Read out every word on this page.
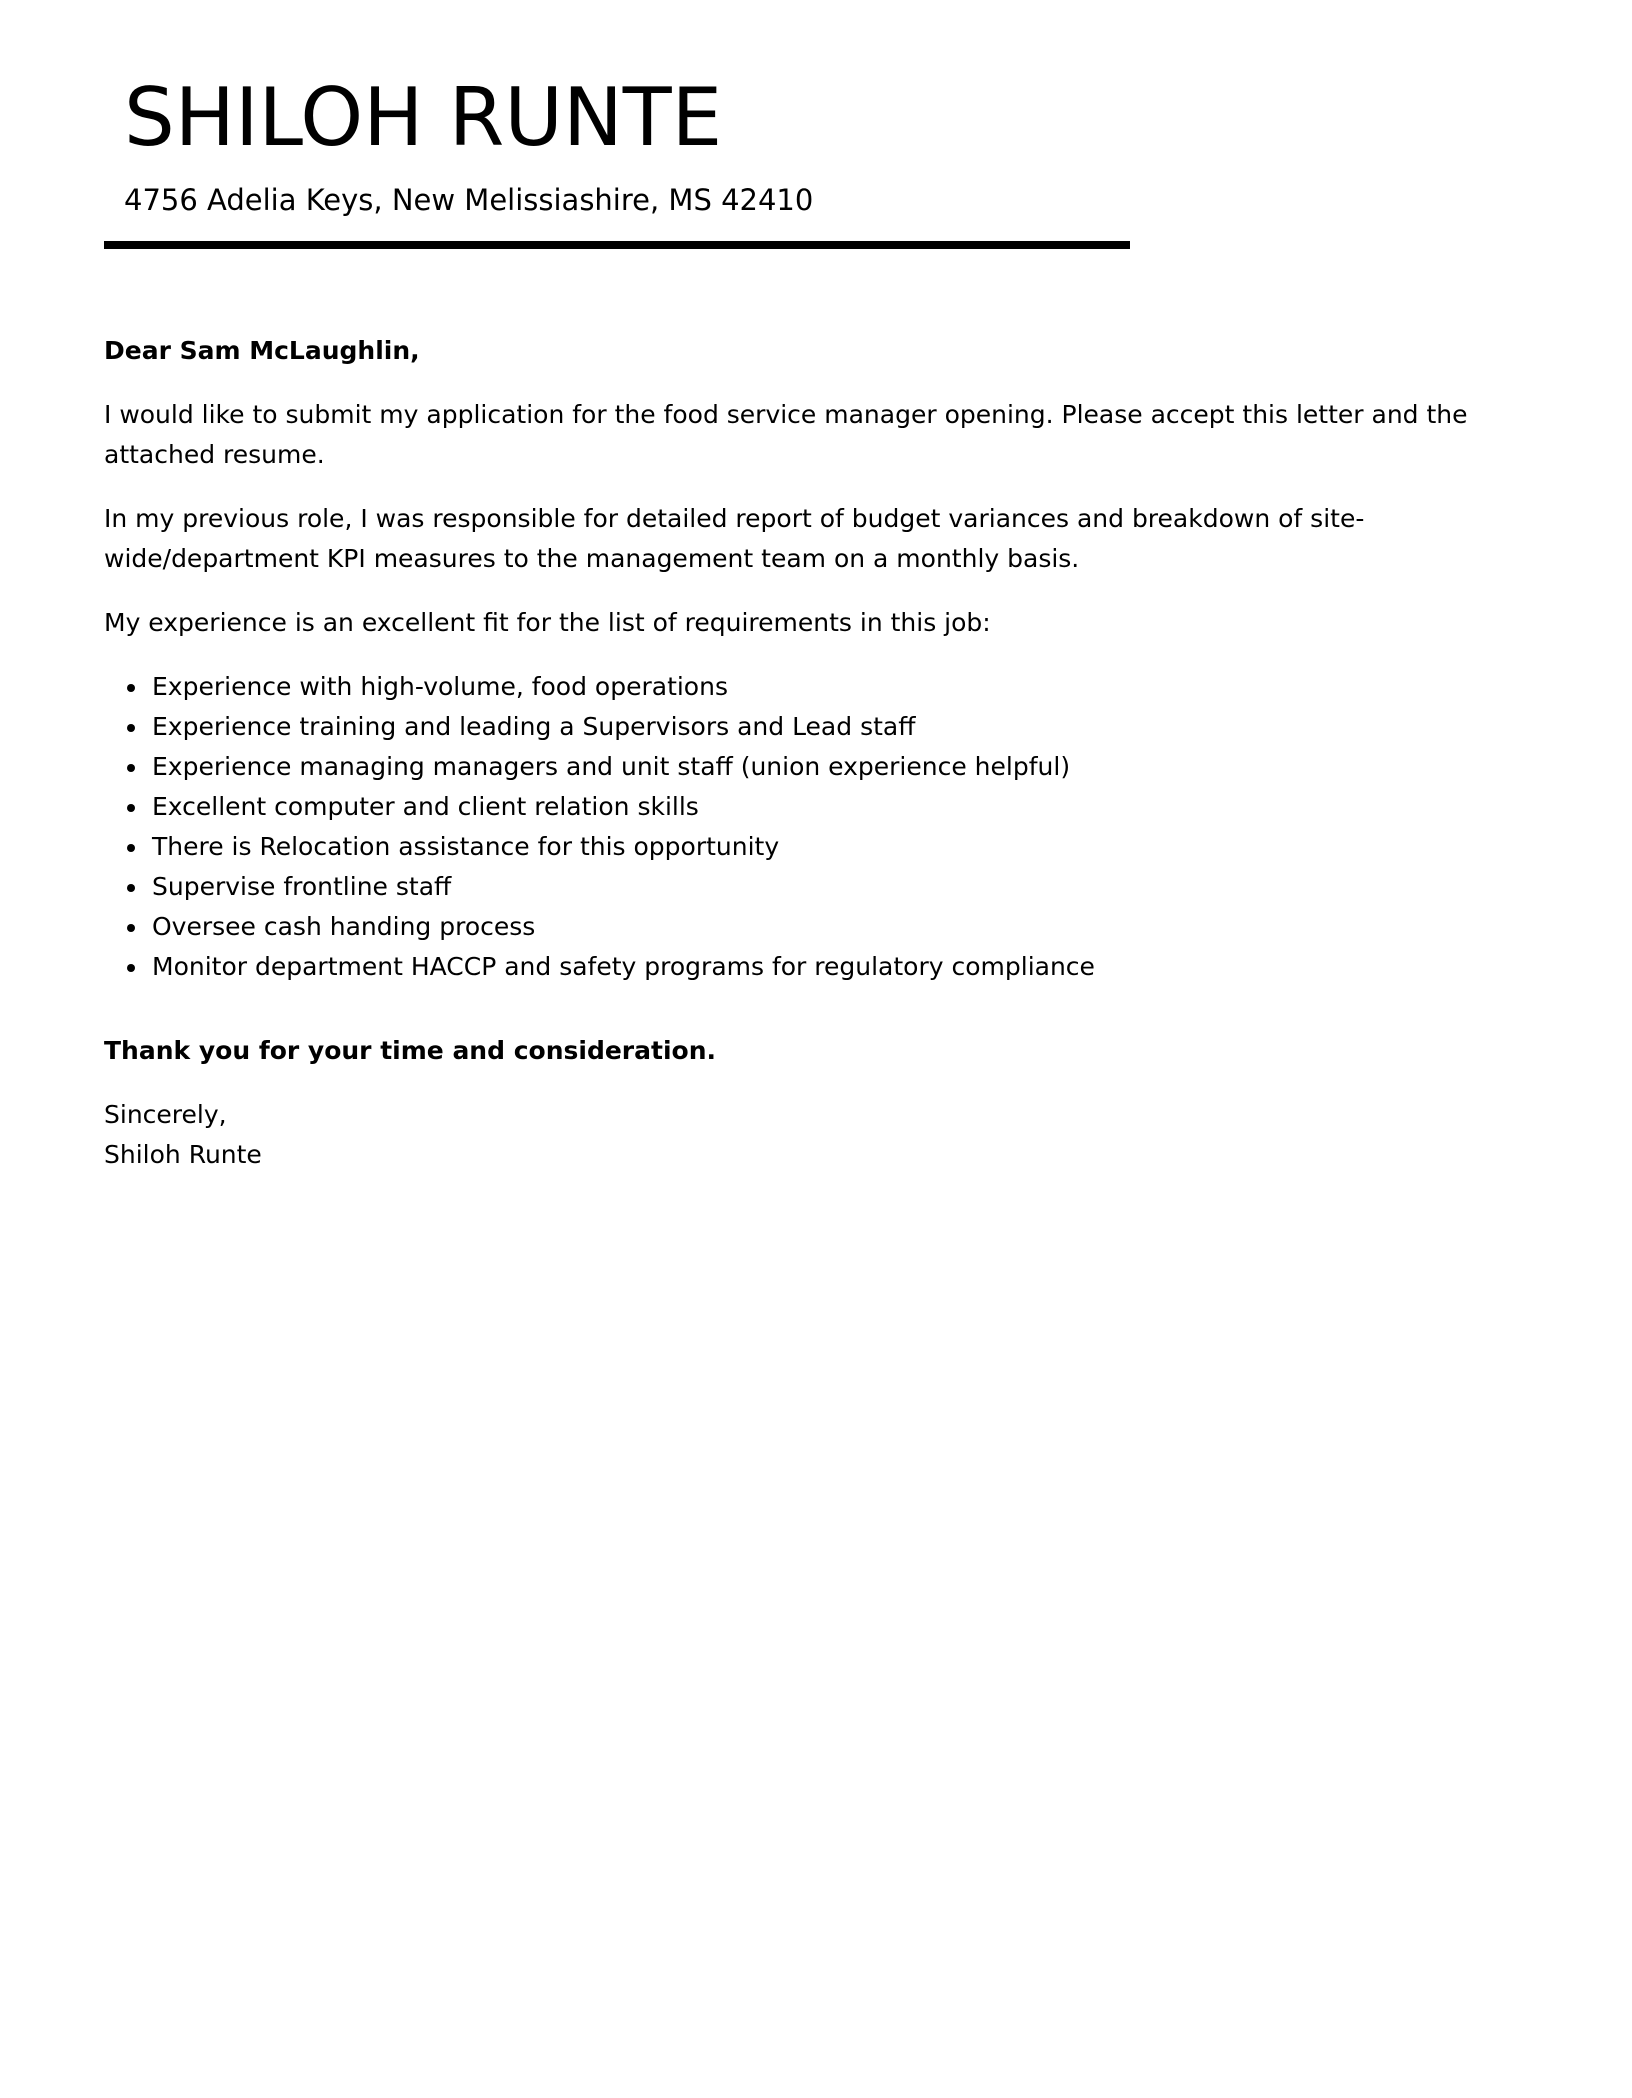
SHILOH RUNTE

4756 Adelia Keys, New Melissiashire, MS 42410

Dear Sam McLaughlin,

I would like to submit my application for the food service manager opening. Please accept this letter and the attached resume.

In my previous role, I was responsible for detailed report of budget variances and breakdown of site-wide/department KPI measures to the management team on a monthly basis.

My experience is an excellent fit for the list of requirements in this job:

Experience with high-volume, food operations
Experience training and leading a Supervisors and Lead staff
Experience managing managers and unit staff (union experience helpful)
Excellent computer and client relation skills
There is Relocation assistance for this opportunity
Supervise frontline staff
Oversee cash handing process
Monitor department HACCP and safety programs for regulatory compliance

Thank you for your time and consideration.

Sincerely,
Shiloh Runte
